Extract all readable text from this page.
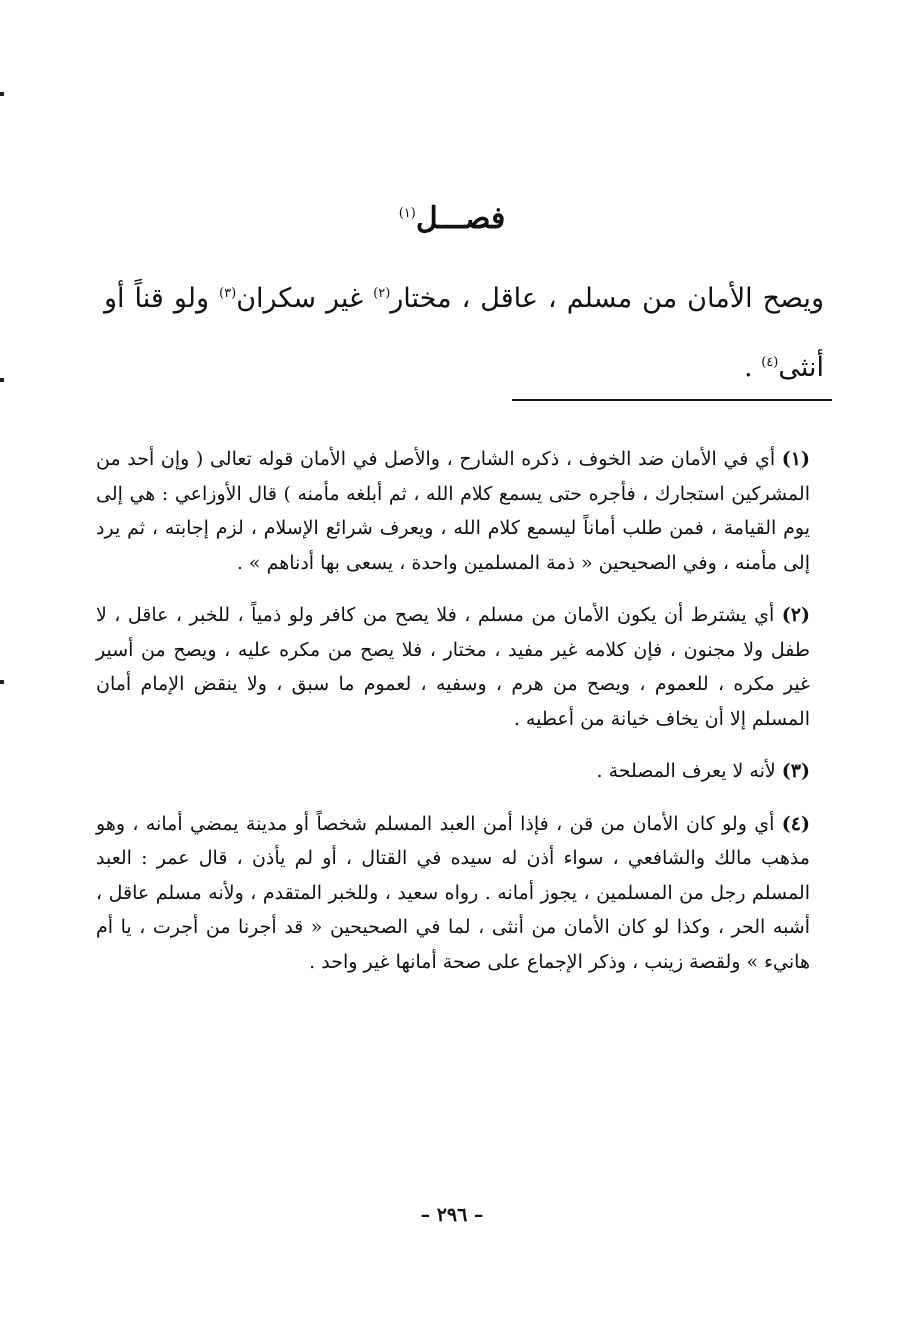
فصـــل$^{(١)}$
ويصح الأمان من مسلم ، عاقل ، مختار$^{(٢)}$ غير سكران$^{(٣)}$ ولو قناً أو أنثى$^{(٤)}$ .

(١) أي في الأمان ضد الخوف ، ذكره الشارح ، والأصل في الأمان قوله تعالى ( وإن أحد من المشركين استجارك ، فأجره حتى يسمع كلام الله ، ثم أبلغه مأمنه ) قال الأوزاعي : هي إلى يوم القيامة ، فمن طلب أماناً ليسمع كلام الله ، ويعرف شرائع الإسلام ، لزم إجابته ، ثم يرد إلى مأمنه ، وفي الصحيحين « ذمة المسلمين واحدة ، يسعى بها أدناهم » .

(٢) أي يشترط أن يكون الأمان من مسلم ، فلا يصح من كافر ولو ذمياً ، للخبر ، عاقل ، لا طفل ولا مجنون ، فإن كلامه غير مفيد ، مختار ، فلا يصح من مكره عليه ، ويصح من أسير غير مكره ، للعموم ، ويصح من هرم ، وسفيه ، لعموم ما سبق ، ولا ينقض الإمام أمان المسلم إلا أن يخاف خيانة من أعطيه .

(٣) لأنه لا يعرف المصلحة .

(٤) أي ولو كان الأمان من قن ، فإذا أمن العبد المسلم شخصاً أو مدينة يمضي أمانه ، وهو مذهب مالك والشافعي ، سواء أذن له سيده في القتال ، أو لم يأذن ، قال عمر : العبد المسلم رجل من المسلمين ، يجوز أمانه . رواه سعيد ، وللخبر المتقدم ، ولأنه مسلم عاقل ، أشبه الحر ، وكذا لو كان الأمان من أنثى ، لما في الصحيحين « قد أجرنا من أجرت ، يا أم هانيء » ولقصة زينب ، وذكر الإجماع على صحة أمانها غير واحد .

– ٢٩٦ –
